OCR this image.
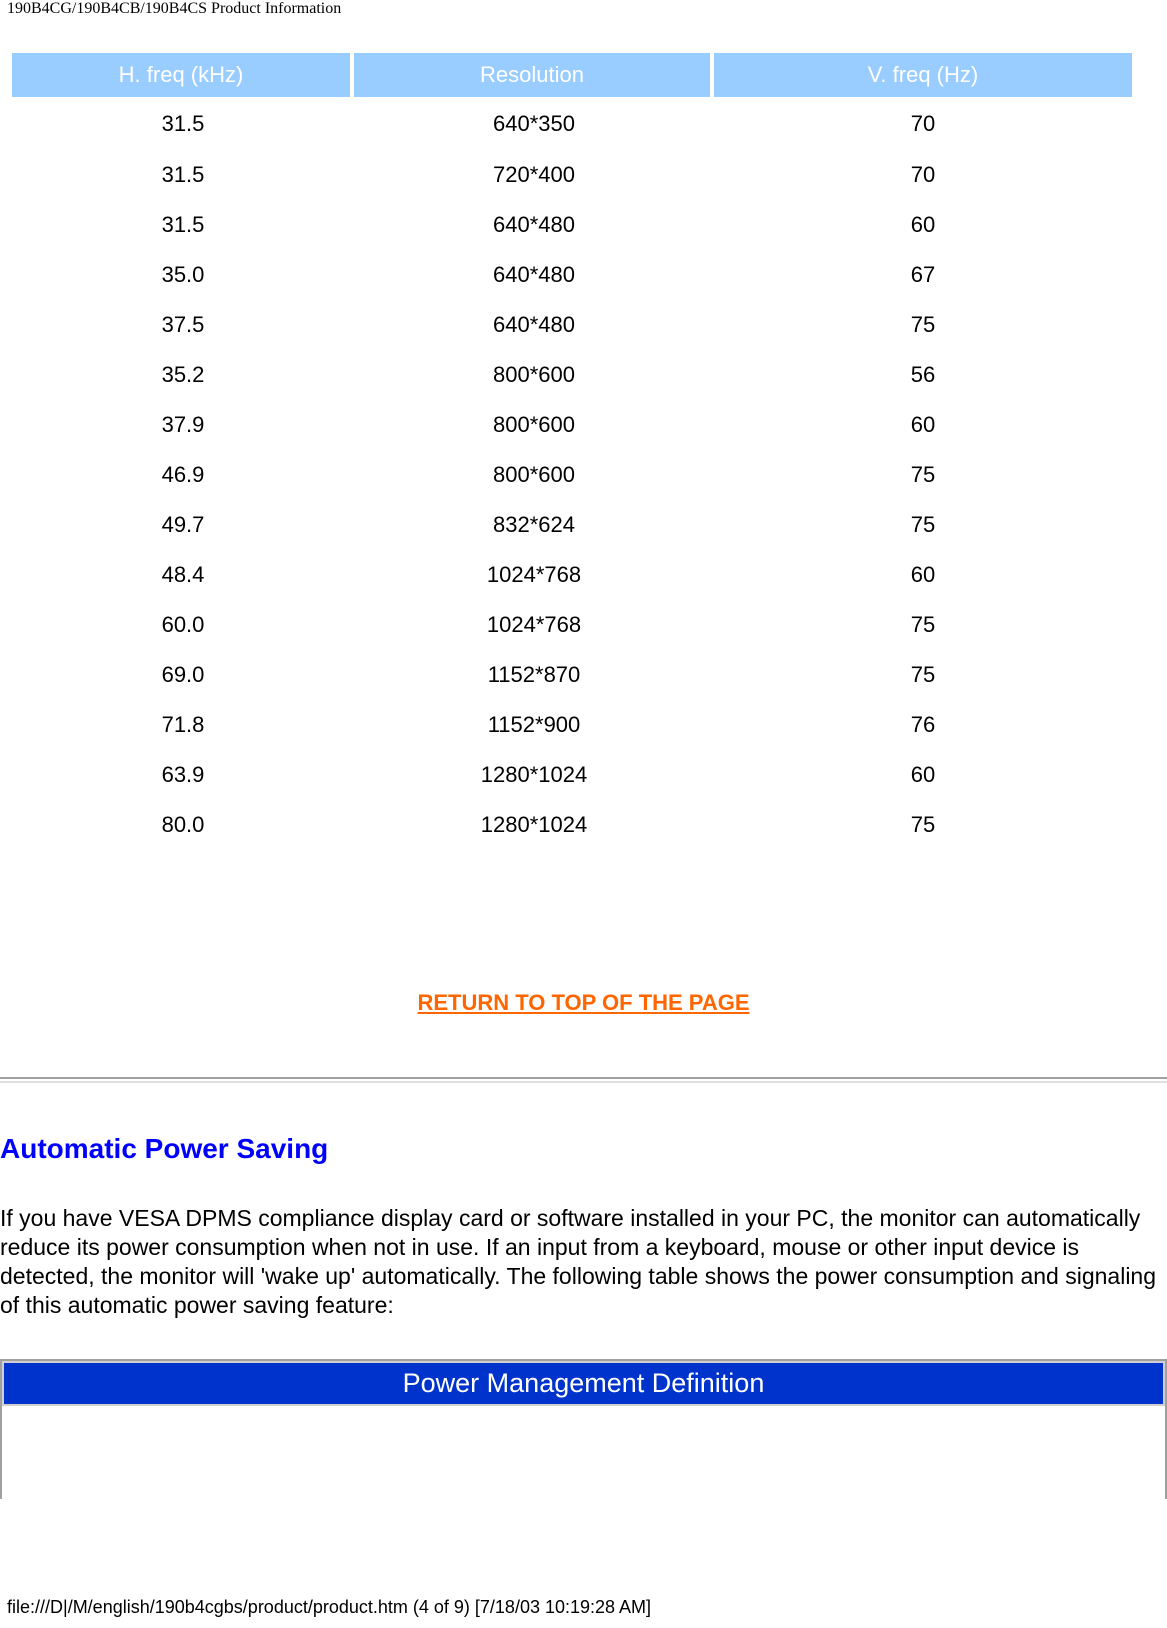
190B4CG/190B4CB/190B4CS Product Information
H. freq (kHz)	Resolution	V. freq (Hz)
31.5	640*350	70
31.5	720*400	70
31.5	640*480	60
35.0	640*480	67
37.5	640*480	75
35.2	800*600	56
37.9	800*600	60
46.9	800*600	75
49.7	832*624	75
48.4	1024*768	60
60.0	1024*768	75
69.0	1152*870	75
71.8	1152*900	76
63.9	1280*1024	60
80.0	1280*1024	75
RETURN TO TOP OF THE PAGE
Automatic Power Saving

If you have VESA DPMS compliance display card or software installed in your PC, the monitor can automatically reduce its power consumption when not in use. If an input from a keyboard, mouse or other input device is detected, the monitor will 'wake up' automatically. The following table shows the power consumption and signaling of this automatic power saving feature:

Power Management Definition

file:///D|/M/english/190b4cgbs/product/product.htm (4 of 9) [7/18/03 10:19:28 AM]
